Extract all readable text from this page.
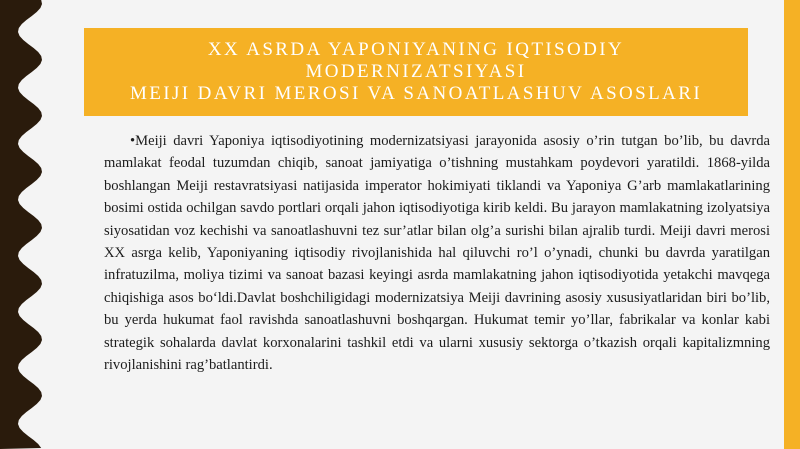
XX ASRDA YAPONIYANING IQTISODIY
MODERNIZATSIYASI
MEIJI DAVRI MEROSI VA SANOATLASHUV ASOSLARI

•Meiji davri Yaponiya iqtisodiyotining modernizatsiyasi jarayonida asosiy o’rin tutgan bo’lib, bu davrda mamlakat feodal tuzumdan chiqib, sanoat jamiyatiga o’tishning mustahkam poydevori yaratildi. 1868-yilda boshlangan Meiji restavratsiyasi natijasida imperator hokimiyati tiklandi va Yaponiya G’arb mamlakatlarining bosimi ostida ochilgan savdo portlari orqali jahon iqtisodiyotiga kirib keldi. Bu jarayon mamlakatning izolyatsiya siyosatidan voz kechishi va sanoatlashuvni tez sur’atlar bilan olg’a surishi bilan ajralib turdi. Meiji davri merosi XX asrga kelib, Yaponiyaning iqtisodiy rivojlanishida hal qiluvchi ro’l o’ynadi, chunki bu davrda yaratilgan infratuzilma, moliya tizimi va sanoat bazasi keyingi asrda mamlakatning jahon iqtisodiyotida yetakchi mavqega chiqishiga asos bo‘ldi.Davlat boshchiligidagi modernizatsiya Meiji davrining asosiy xususiyatlaridan biri bo’lib, bu yerda hukumat faol ravishda sanoatlashuvni boshqargan. Hukumat temir yo’llar, fabrikalar va konlar kabi strategik sohalarda davlat korxonalarini tashkil etdi va ularni xususiy sektorga o’tkazish orqali kapitalizmning rivojlanishini rag’batlantirdi.
